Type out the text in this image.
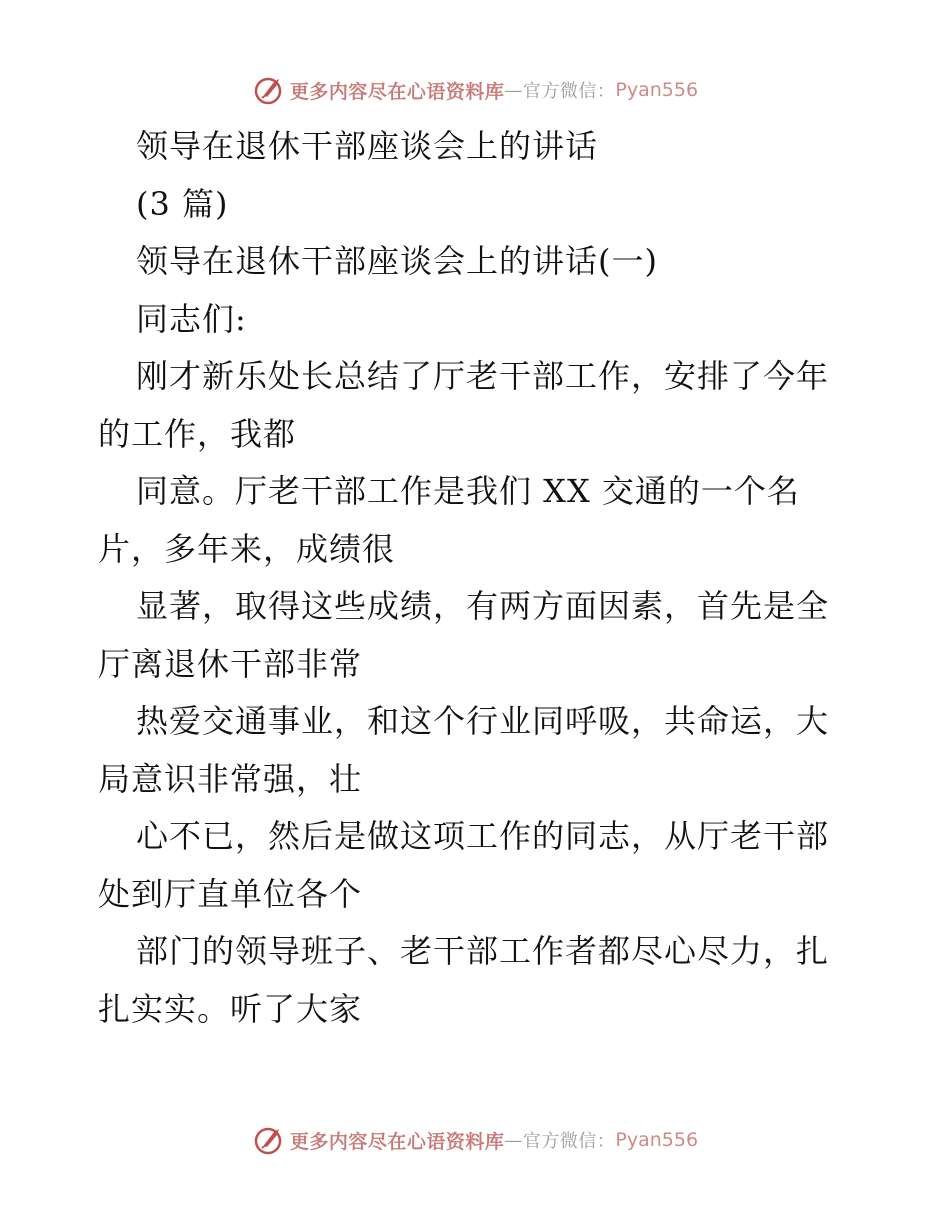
更多内容尽在心语资料库 — 官方微信： Pyan556
领导在退休干部座谈会上的讲话
(3 篇)
领导在退休干部座谈会上的讲话(一)
同志们:
刚才新乐处长总结了厅老干部工作，安排了今年
的工作，我都
同意。厅老干部工作是我们 XX 交通的一个名
片，多年来，成绩很
显著，取得这些成绩，有两方面因素，首先是全
厅离退休干部非常
热爱交通事业，和这个行业同呼吸，共命运，大
局意识非常强，壮
心不已，然后是做这项工作的同志，从厅老干部
处到厅直单位各个
部门的领导班子、老干部工作者都尽心尽力，扎
扎实实。听了大家
更多内容尽在心语资料库 — 官方微信： Pyan556
